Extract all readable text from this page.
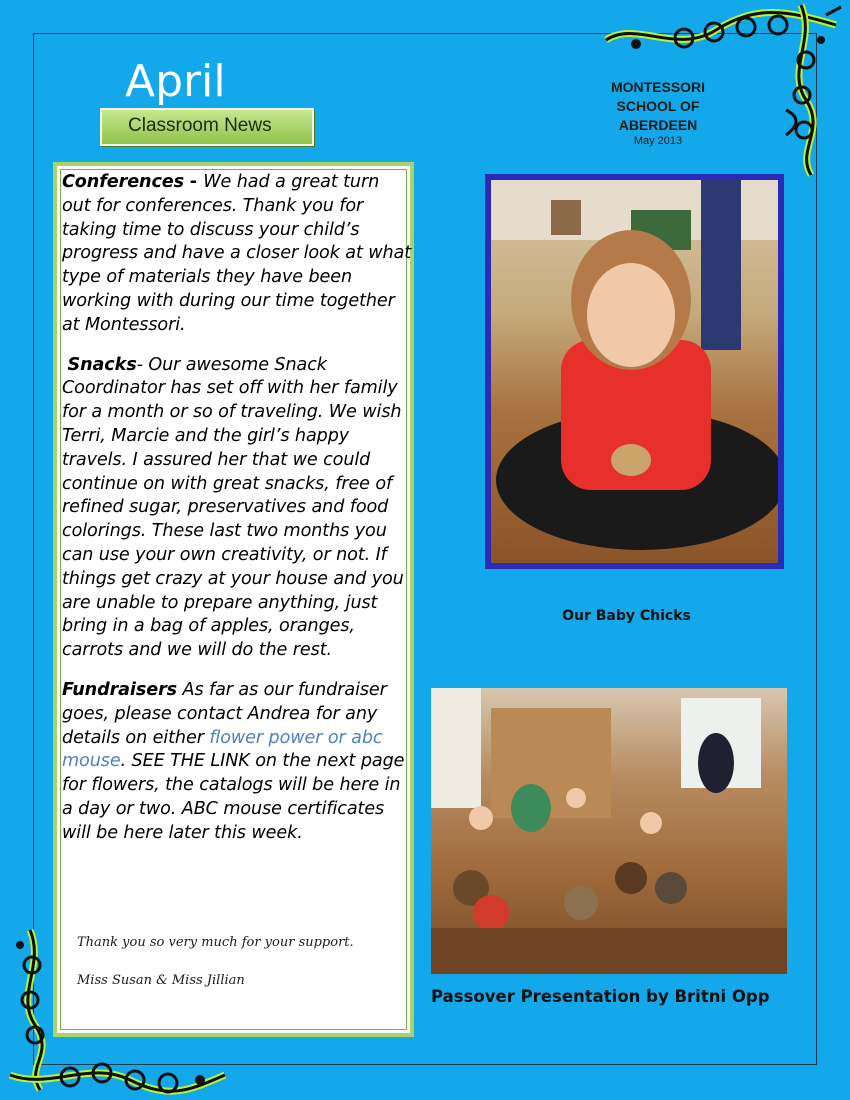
April
Classroom News
MONTESSORI
SCHOOL OF
ABERDEEN
May 2013

Conferences - We had a great turn out for conferences. Thank you for taking time to discuss your child’s progress and have a closer look at what type of materials they have been working with during our time together at Montessori.

Snacks- Our awesome Snack Coordinator has set off with her family for a month or so of traveling. We wish Terri, Marcie and the girl’s happy travels. I assured her that we could continue on with great snacks, free of refined sugar, preservatives and food colorings. These last two months you can use your own creativity, or not. If things get crazy at your house and you are unable to prepare anything, just bring in a bag of apples, oranges, carrots and we will do the rest.

Fundraisers As far as our fundraiser goes, please contact Andrea for any details on either flower power or abc mouse. SEE THE LINK on the next page for flowers, the catalogs will be here in a day or two. ABC mouse certificates will be here later this week.

Thank you so very much for your support.
Miss Susan & Miss Jillian
Our Baby Chicks
Passover Presentation by Britni Opp
